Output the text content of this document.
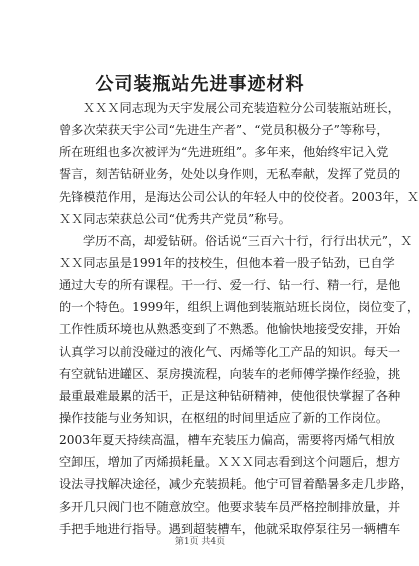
公司装瓶站先进事迹材料
ＸＸＸ同志现为天宇发展公司充装造粒分公司装瓶站班长，
曾多次荣获天宇公司“先进生产者”、“党员积极分子”等称号，
所在班组也多次被评为“先进班组”。多年来，他始终牢记入党
誓言，刻苦钻研业务，处处以身作则，无私奉献，发挥了党员的
先锋模范作用，是海达公司公认的年轻人中的佼佼者。2003年，Ｘ
ＸＸ同志荣获总公司“优秀共产党员”称号。
学历不高，却爱钻研。俗话说“三百六十行，行行出状元”，Ｘ
ＸＸ同志虽是1991年的技校生，但他本着一股子钻劲，已自学
通过大专的所有课程。干一行、爱一行、钻一行、精一行，是他
的一个特色。1999年，组织上调他到装瓶站班长岗位，岗位变了，
工作性质环境也从熟悉变到了不熟悉。他愉快地接受安排，开始
认真学习以前没碰过的液化气、丙烯等化工产品的知识。每天一
有空就钻进罐区、泵房摸流程，向装车的老师傅学操作经验，挑
最重最难最累的活干，正是这种钻研精神，使他很快掌握了各种
操作技能与业务知识，在枢纽的时间里适应了新的工作岗位。
2003年夏天持续高温，槽车充装压力偏高，需要将丙烯气相放
空卸压，增加了丙烯损耗量。ＸＸＸ同志看到这个问题后，想方
设法寻找解决途径，减少充装损耗。他宁可冒着酷暑多走几步路，
多开几只阀门也不随意放空。他要求装车员严格控制排放量，并
手把手地进行指导。遇到超装槽车，他就采取停泵往另一辆槽车
第1页 共4页
